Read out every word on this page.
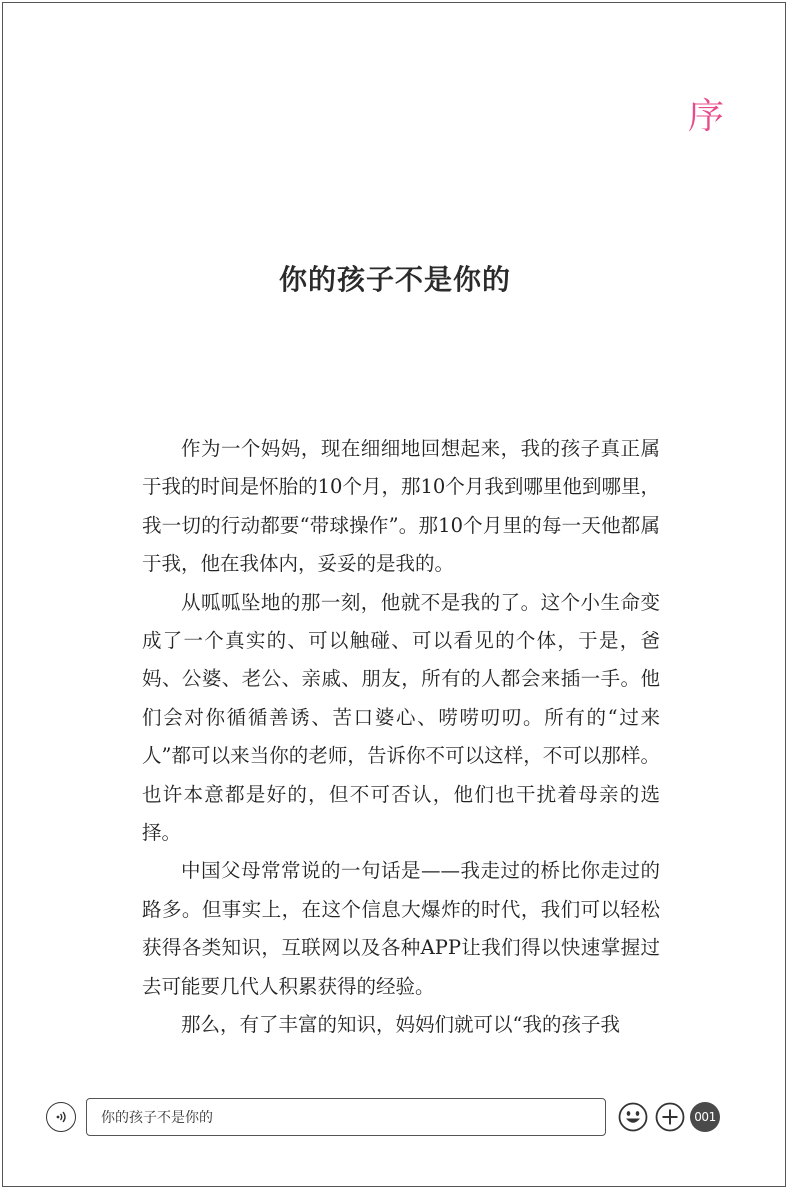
序
你的孩子不是你的

作为一个妈妈，现在细细地回想起来，我的孩子真正属于我的时间是怀胎的10个月，那10个月我到哪里他到哪里，我一切的行动都要“带球操作”。那10个月里的每一天他都属于我，他在我体内，妥妥的是我的。

从呱呱坠地的那一刻，他就不是我的了。这个小生命变成了一个真实的、可以触碰、可以看见的个体，于是，爸妈、公婆、老公、亲戚、朋友，所有的人都会来插一手。他们会对你循循善诱、苦口婆心、唠唠叨叨。所有的“过来人”都可以来当你的老师，告诉你不可以这样，不可以那样。也许本意都是好的，但不可否认，他们也干扰着母亲的选择。

中国父母常常说的一句话是——我走过的桥比你走过的路多。但事实上，在这个信息大爆炸的时代，我们可以轻松获得各类知识，互联网以及各种APP让我们得以快速掌握过去可能要几代人积累获得的经验。

那么，有了丰富的知识，妈妈们就可以“我的孩子我

你的孩子不是你的	001
